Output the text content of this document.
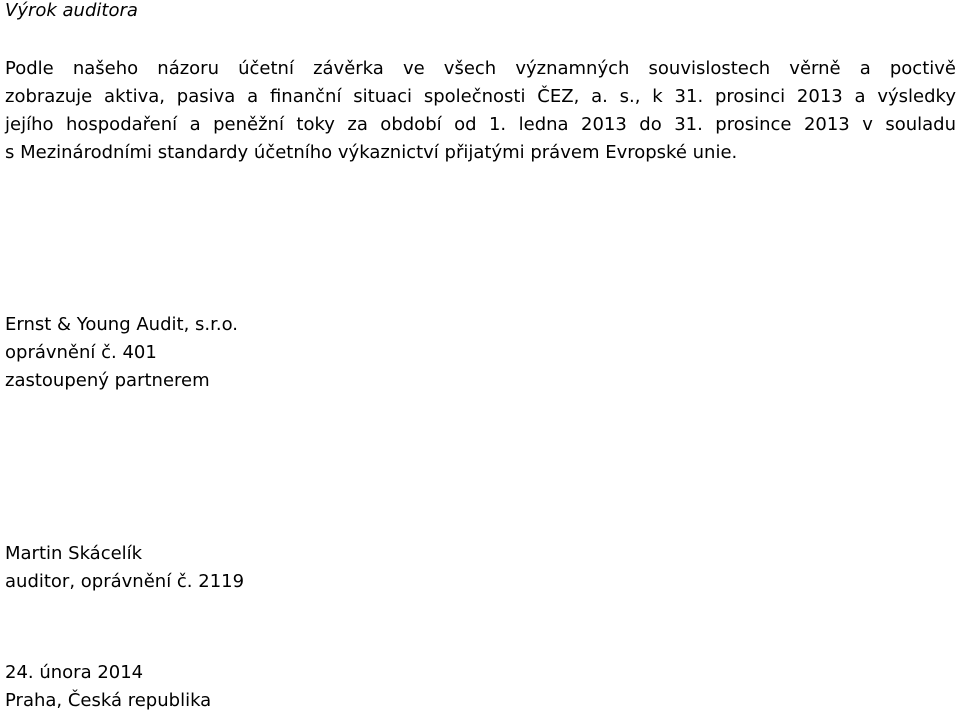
Výrok auditora
Podle našeho názoru účetní závěrka ve všech významných souvislostech věrně a poctivě
zobrazuje aktiva, pasiva a finanční situaci společnosti ČEZ, a. s., k 31. prosinci 2013 a výsledky
jejího hospodaření a peněžní toky za období od 1. ledna 2013 do 31. prosince 2013 v souladu
s Mezinárodními standardy účetního výkaznictví přijatými právem Evropské unie.
Ernst & Young Audit, s.r.o.
oprávnění č. 401
zastoupený partnerem
Martin Skácelík
auditor, oprávnění č. 2119
24. února 2014
Praha, Česká republika
